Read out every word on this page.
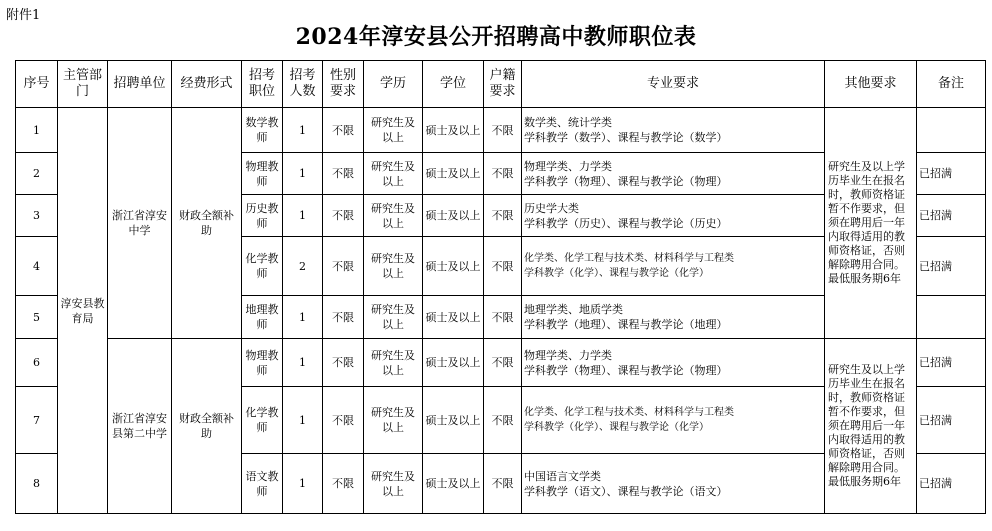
附件1
2024年淳安县公开招聘高中教师职位表
序号	主管部门	招聘单位	经费形式	招考职位	招考人数	性别要求	学历	学位	户籍要求	专业要求	其他要求	备注
1	淳安县教育局	浙江省淳安中学	财政全额补助	数学教师	1	不限	研究生及以上	硕士及以上	不限	数学类、统计学类
学科教学（数学）、课程与教学论（数学）	研究生及以上学历毕业生在报名时，教师资格证暂不作要求，但须在聘用后一年内取得适用的教师资格证，否则解除聘用合同。最低服务期6年	
2				物理教师	1	不限	研究生及以上	硕士及以上	不限	物理学类、力学类
学科教学（物理）、课程与教学论（物理）		已招满
3				历史教师	1	不限	研究生及以上	硕士及以上	不限	历史学大类
学科教学（历史）、课程与教学论（历史）		已招满
4				化学教师	2	不限	研究生及以上	硕士及以上	不限	化学类、化学工程与技术类、材料科学与工程类
学科教学（化学）、课程与教学论（化学）		已招满
5				地理教师	1	不限	研究生及以上	硕士及以上	不限	地理学类、地质学类
学科教学（地理）、课程与教学论（地理）		

6		浙江省淳安县第二中学	财政全额补助	物理教师	1	不限	研究生及以上	硕士及以上	不限	物理学类、力学类
学科教学（物理）、课程与教学论（物理）	研究生及以上学历毕业生在报名时，教师资格证暂不作要求，但须在聘用后一年内取得适用的教师资格证，否则解除聘用合同。最低服务期6年	已招满
7				化学教师	1	不限	研究生及以上	硕士及以上	不限	化学类、化学工程与技术类、材料科学与工程类
学科教学（化学）、课程与教学论（化学）		已招满
8				语文教师	1	不限	研究生及以上	硕士及以上	不限	中国语言文学类
学科教学（语文）、课程与教学论（语文）		已招满
